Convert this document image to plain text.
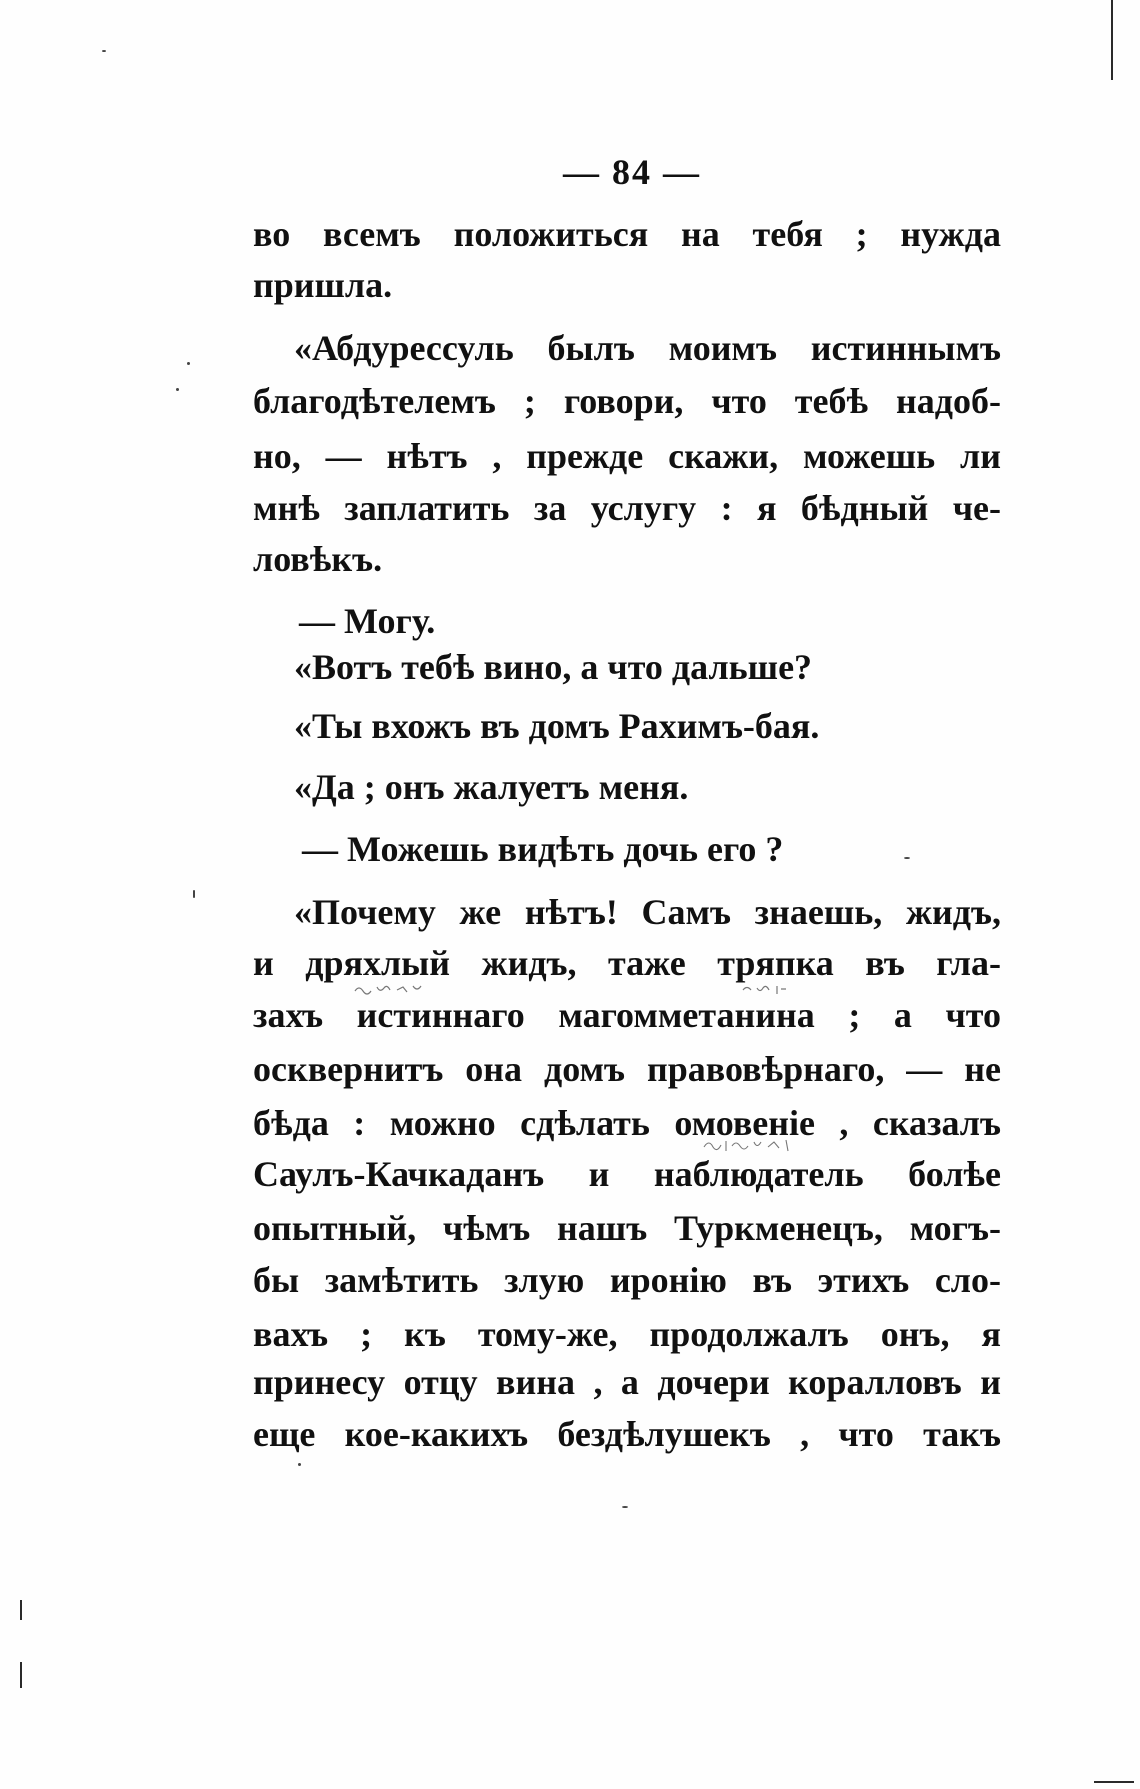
— 84 —
во всемъ положиться на тебя ; нужда
пришла.
«Абдурессуль былъ моимъ истиннымъ
благодѣтелемъ ; говори, что тебѣ надоб-
но, — нѣтъ , прежде скажи, можешь ли
мнѣ заплатить за услугу : я бѣдный че-
ловѣкъ.
— Могу.
«Вотъ тебѣ вино, а что дальше?
«Ты вхожъ въ домъ Рахимъ-бая.
«Да ; онъ жалуетъ меня.
— Можешь видѣть дочь его ?
«Почему же нѣтъ! Самъ знаешь, жидъ,
и дряхлый жидъ, таже тряпка въ гла-
захъ истиннаго магомметанина ; а что
осквернитъ она домъ правовѣрнаго, — не
бѣда : можно сдѣлать омовеніе , сказалъ
Саулъ-Качкаданъ и наблюдатель болѣе
опытный, чѣмъ нашъ Туркменецъ, могъ-
бы замѣтить злую иронію въ этихъ сло-
вахъ ; къ тому-же, продолжалъ онъ, я
принесу отцу вина , а дочери коралловъ и
еще кое-какихъ бездѣлушекъ , что такъ
